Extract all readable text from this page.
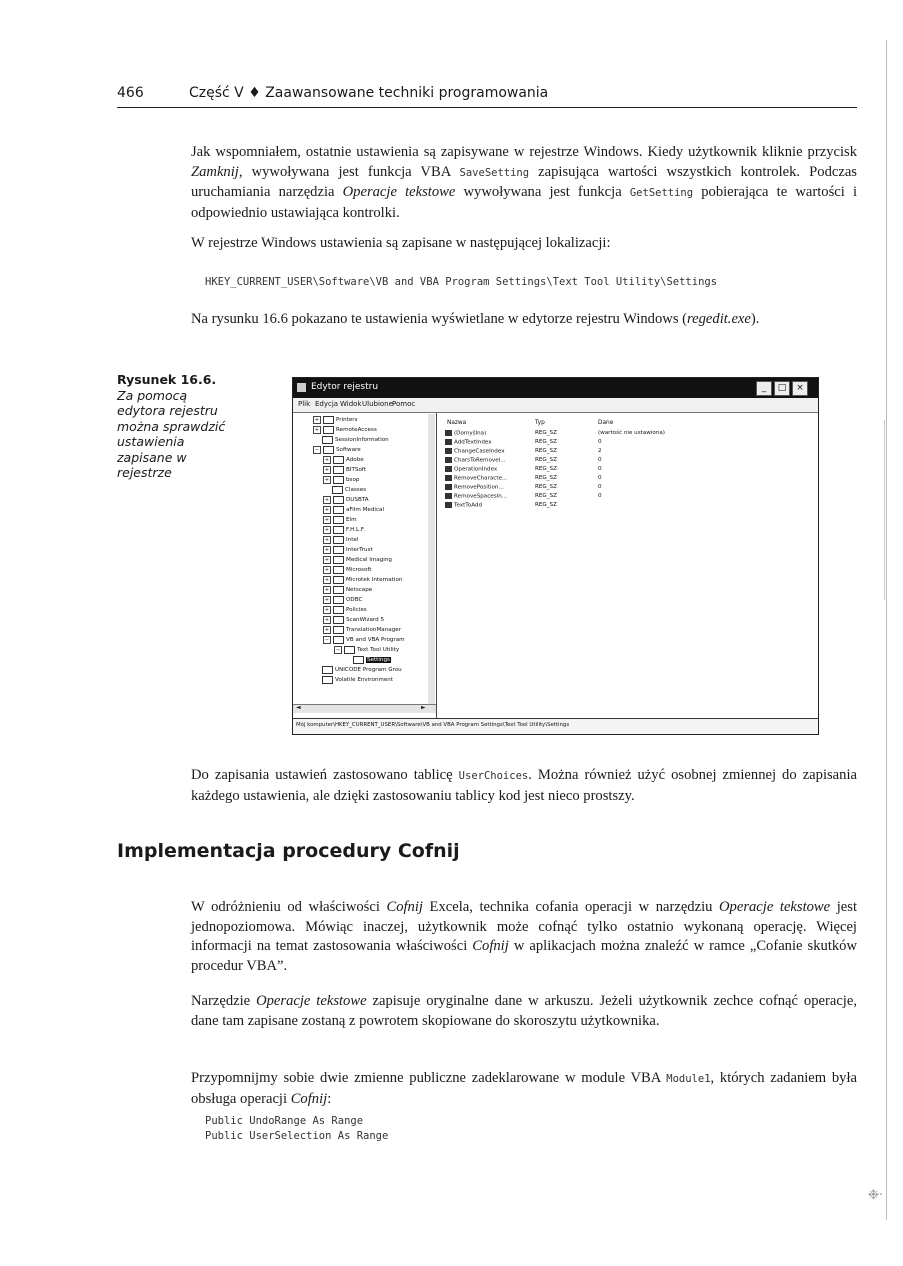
❉·
466	Część V ♦ Zaawansowane techniki programowania

Jak wspomniałem, ostatnie ustawienia są zapisywane w rejestrze Windows. Kiedy użytkownik kliknie przycisk Zamknij, wywoływana jest funkcja VBA SaveSetting zapisująca wartości wszystkich kontrolek. Podczas uruchamiania narzędzia Operacje tekstowe wywoływana jest funkcja GetSetting pobierająca te wartości i odpowiednio ustawiająca kontrolki.

W rejestrze Windows ustawienia są zapisane w następującej lokalizacji:

HKEY_CURRENT_USER\Software\VB and VBA Program Settings\Text Tool Utility\Settings

Na rysunku 16.6 pokazano te ustawienia wyświetlane w edytorze rejestru Windows (regedit.exe).

Rysunek 16.6.
Za pomocą edytora rejestru można sprawdzić ustawienia zapisane w rejestrze
Edytor rejestru	_	□	×
Plik Edycja Widok Ulubione Pomoc
+	Printers
+	RemoteAccess
SessionInformation
−	Software
+	Adobe
+	BITSoft
+	bsop
Classes
+	DUSBTA
+	aFilm Medical
+	Elm
+	F.H.L.F.
+	Intel
+	InterTrust
+	Medical Imaging
+	Microsoft
+	Microtek Internation
+	Netscape
+	ODBC
+	Policies
+	ScanWizard 5
+	TranslationManager
−	VB and VBA Program
−	Text Tool Utility
Settings
UNICODE Program Grou
Volatile Environment
◄	►
Nazwa	Typ	Dane
(Domyślna)	REG_SZ	(wartość nie ustawiona)
AddTextIndex	REG_SZ	0
ChangeCaseIndex	REG_SZ	2
CharsToRemoveI...	REG_SZ	0
OperationIndex	REG_SZ	0
RemoveCharacte...	REG_SZ	0
RemovePosition...	REG_SZ	0
RemoveSpacesIn...	REG_SZ	0
TextToAdd	REG_SZ
Mój komputer\HKEY_CURRENT_USER\Software\VB and VBA Program Settings\Text Tool Utility\Settings

Do zapisania ustawień zastosowano tablicę UserChoices. Można również użyć osobnej zmiennej do zapisania każdego ustawienia, ale dzięki zastosowaniu tablicy kod jest nieco prostszy.

Implementacja procedury Cofnij

W odróżnieniu od właściwości Cofnij Excela, technika cofania operacji w narzędziu Operacje tekstowe jest jednopoziomowa. Mówiąc inaczej, użytkownik może cofnąć tylko ostatnio wykonaną operację. Więcej informacji na temat zastosowania właściwości Cofnij w aplikacjach można znaleźć w ramce „Cofanie skutków procedur VBA”.

Narzędzie Operacje tekstowe zapisuje oryginalne dane w arkuszu. Jeżeli użytkownik zechce cofnąć operacje, dane tam zapisane zostaną z powrotem skopiowane do skoroszytu użytkownika.

Przypomnijmy sobie dwie zmienne publiczne zadeklarowane w module VBA Module1, których zadaniem była obsługa operacji Cofnij:

Public UndoRange As Range
Public UserSelection As Range
